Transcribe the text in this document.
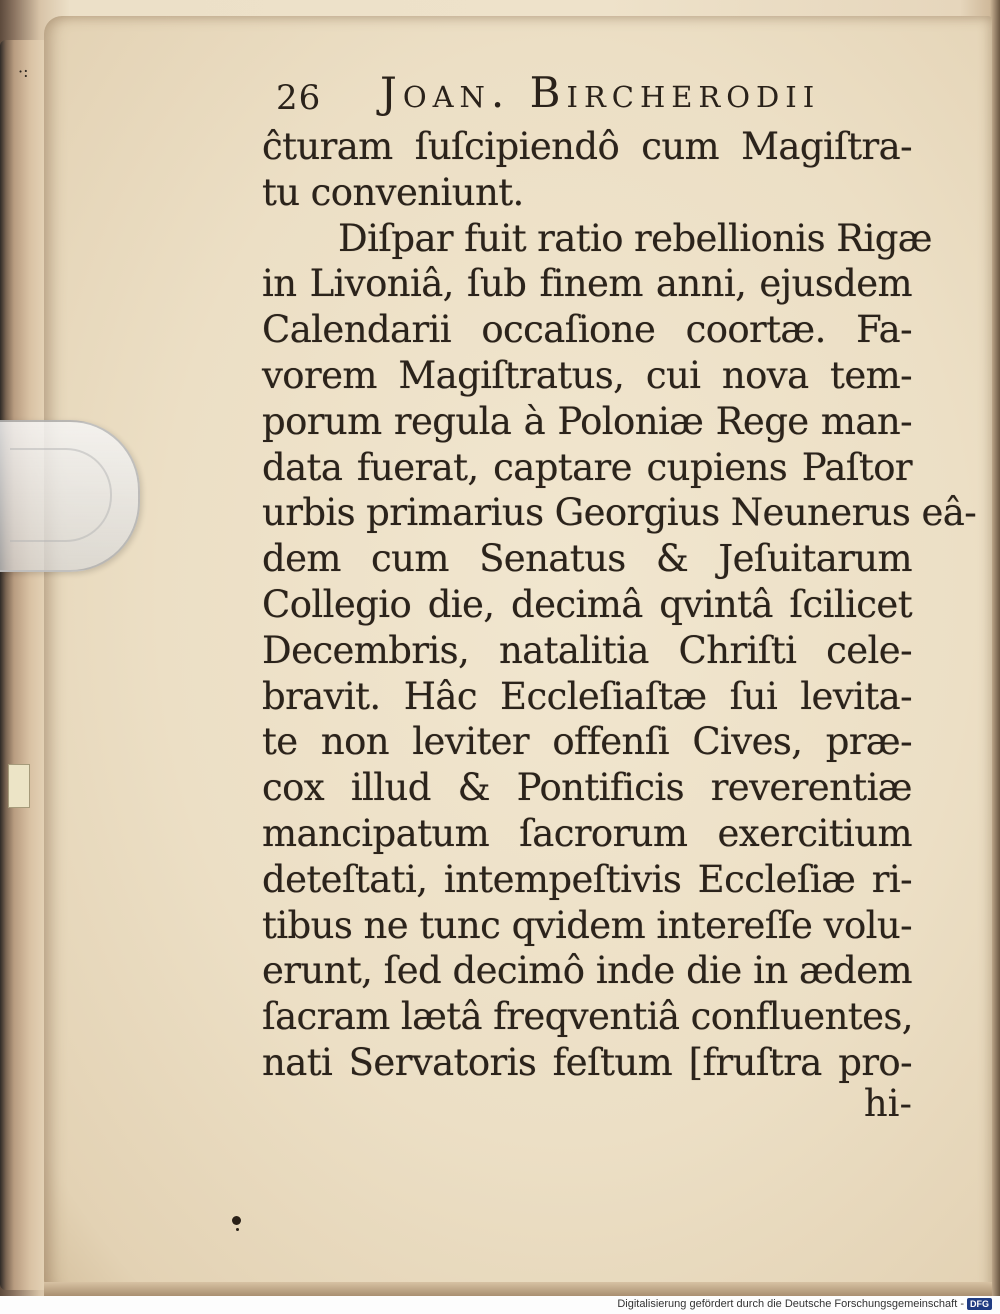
·:
26 Joan. Bircherodii
ĉturam ſuſcipiendô cum Magiſtra-
tu conveniunt.
Diſpar fuit ratio rebellionis Rigæ
in Livoniâ, ſub finem anni, ejusdem
Calendarii occaſione coortæ. Fa-
vorem Magiſtratus, cui nova tem-
porum regula à Poloniæ Rege man-
data fuerat, captare cupiens Paſtor
urbis primarius Georgius Neunerus eâ-
dem cum Senatus & Jeſuitarum
Collegio die, decimâ qvintâ ſcilicet
Decembris, natalitia Chriſti cele-
bravit. Hâc Eccleſiaſtæ ſui levita-
te non leviter offenſi Cives, præ-
cox illud & Pontificis reverentiæ
mancipatum ſacrorum exercitium
deteſtati, intempeſtivis Eccleſiæ ri-
tibus ne tunc qvidem intereſſe volu-
erunt, ſed decimô inde die in ædem
ſacram lætâ freqventiâ confluentes,
nati Servatoris feſtum [fruſtra pro-
hi-
Digitalisierung gefördert durch die Deutsche Forschungsgemeinschaft - DFG
